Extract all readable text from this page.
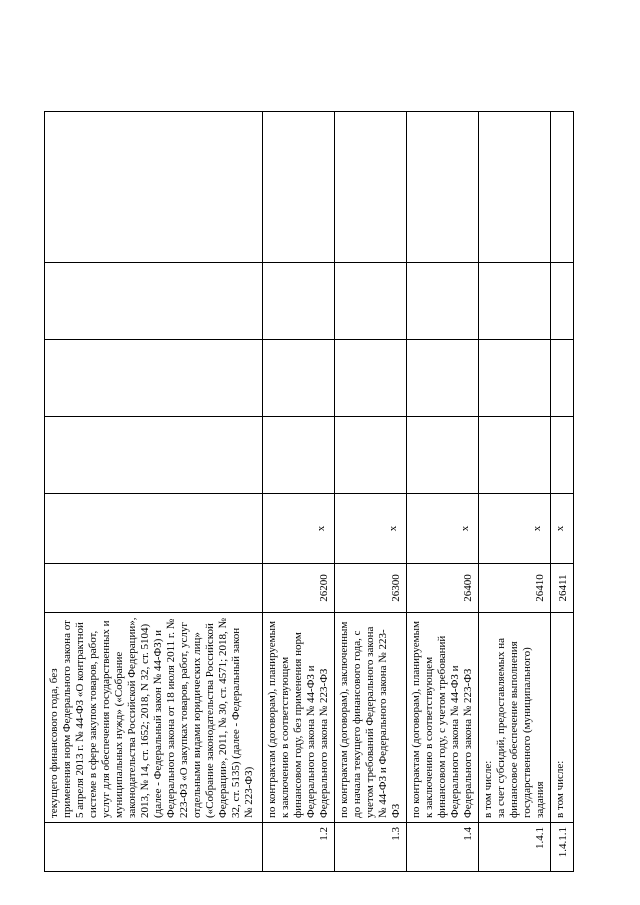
	текущего финансового года, без применения норм Федерального закона от 5 апреля 2013 г. № 44-ФЗ «О контрактной системе в сфере закупок товаров, работ, услуг для обеспечения государственных и муниципальных нужд» («Собрание законодательства Российской Федерации», 2013, № 14, ст. 1652; 2018, N 32, ст. 5104) (далее - Федеральный закон № 44-ФЗ) и Федерального закона от 18 июля 2011 г. № 223-ФЗ «О закупках товаров, работ, услуг отдельными видами юридических лиц» («Собрание законодательства Российской Федерации», 2011, № 30, ст. 4571; 2018, № 32, ст. 5135) (далее - Федеральный закон № 223-ФЗ)						
1.2	по контрактам (договорам), планируемым к заключению в соответствующем финансовом году, без применения норм Федерального закона № 44-ФЗ и Федерального закона № 223-ФЗ	26200	x				
1.3	по контрактам (договорам), заключенным до начала текущего финансового года, с учетом требований Федерального закона № 44-ФЗ и Федерального закона № 223-ФЗ	26300	x				
1.4	по контрактам (договорам), планируемым к заключению в соответствующем финансовом году, с учетом требований Федерального закона № 44-ФЗ и Федерального закона № 223-ФЗ	26400	x				
1.4.1	в том числе: за счет субсидий, предоставляемых на финансовое обеспечение выполнения государственного (муниципального) задания	26410	x				
1.4.1.1	в том числе:	26411	x				
